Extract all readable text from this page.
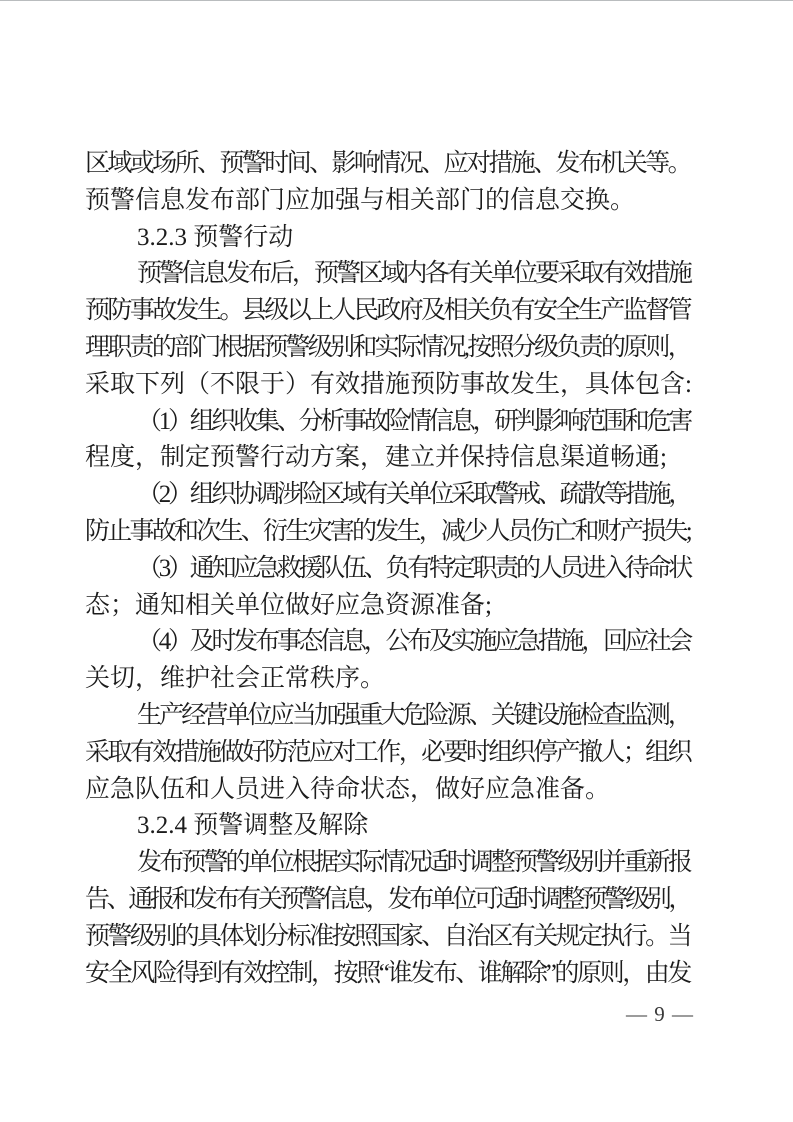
区域或场所、预警时间、影响情况、应对措施、发布机关等。
预警信息发布部门应加强与相关部门的信息交换。
3.2.3 预警行动
预警信息发布后，预警区域内各有关单位要采取有效措施
预防事故发生。县级以上人民政府及相关负有安全生产监督管
理职责的部门根据预警级别和实际情况,按照分级负责的原则，
采取下列（不限于）有效措施预防事故发生，具体包含:
（1）组织收集、分析事故险情信息，研判影响范围和危害
程度，制定预警行动方案，建立并保持信息渠道畅通;
（2）组织协调涉险区域有关单位采取警戒、疏散等措施，
防止事故和次生、衍生灾害的发生，减少人员伤亡和财产损失;
（3）通知应急救援队伍、负有特定职责的人员进入待命状
态；通知相关单位做好应急资源准备;
（4）及时发布事态信息，公布及实施应急措施，回应社会
关切，维护社会正常秩序。
生产经营单位应当加强重大危险源、关键设施检查监测，
采取有效措施做好防范应对工作，必要时组织停产撤人；组织
应急队伍和人员进入待命状态，做好应急准备。
3.2.4 预警调整及解除
发布预警的单位根据实际情况适时调整预警级别并重新报
告、通报和发布有关预警信息，发布单位可适时调整预警级别，
预警级别的具体划分标准按照国家、自治区有关规定执行。当
安全风险得到有效控制，按照“谁发布、谁解除”的原则，由发
— 9 —
